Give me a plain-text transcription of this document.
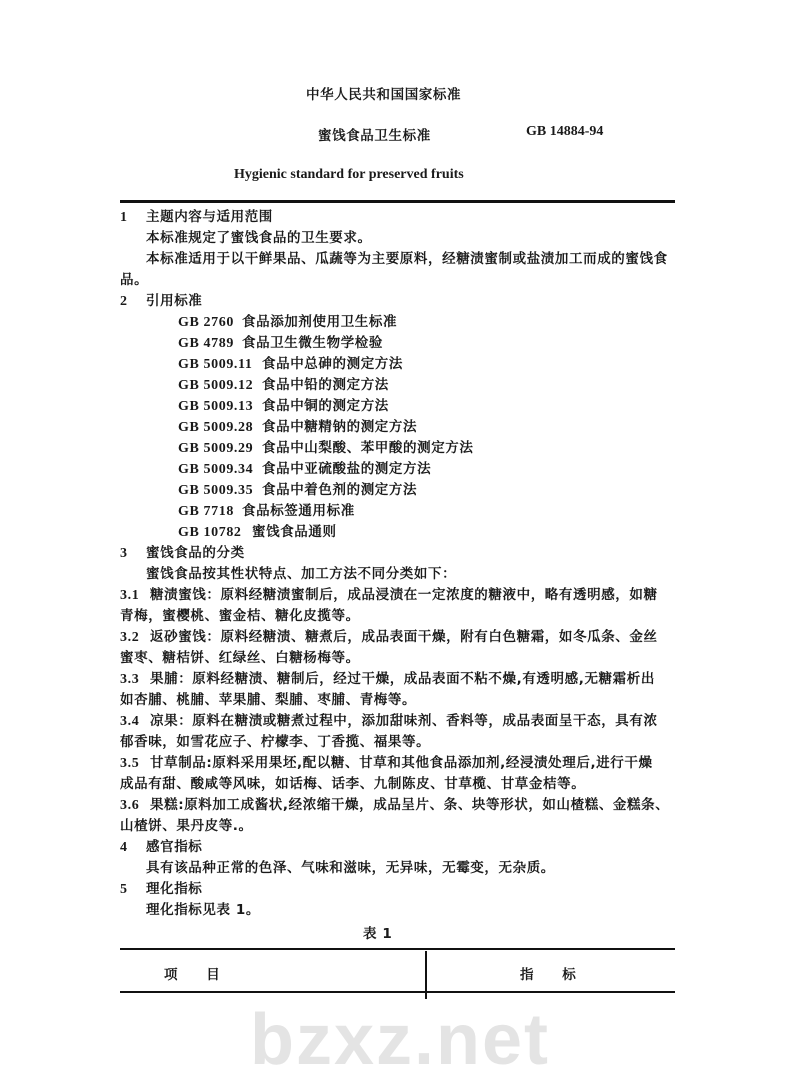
中华人民共和国国家标准
蜜饯食品卫生标准	GB 14884-94
Hygienic standard for preserved fruits
1 主题内容与适用范围
本标准规定了蜜饯食品的卫生要求。
本标准适用于以干鲜果品、瓜蔬等为主要原料，经糖渍蜜制或盐渍加工而成的蜜饯食
品。
2 引用标准
GB 2760 食品添加剂使用卫生标准
GB 4789 食品卫生微生物学检验
GB 5009.11 食品中总砷的测定方法
GB 5009.12 食品中铅的测定方法
GB 5009.13 食品中铜的测定方法
GB 5009.28 食品中糖精钠的测定方法
GB 5009.29 食品中山梨酸、苯甲酸的测定方法
GB 5009.34 食品中亚硫酸盐的测定方法
GB 5009.35 食品中着色剂的测定方法
GB 7718 食品标签通用标准
GB 10782 蜜饯食品通则
3 蜜饯食品的分类
蜜饯食品按其性状特点、加工方法不同分类如下：
3.1 糖渍蜜饯：原料经糖渍蜜制后，成品浸渍在一定浓度的糖液中，略有透明感，如糖
青梅，蜜樱桃、蜜金桔、糖化皮揽等。
3.2 返砂蜜饯：原料经糖渍、糖煮后，成品表面干燥，附有白色糖霜，如冬瓜条、金丝
蜜枣、糖桔饼、红绿丝、白糖杨梅等。
3.3 果脯：原料经糖渍、糖制后，经过干燥，成品表面不粘不燥,有透明感,无糖霜析出
如杏脯、桃脯、苹果脯、梨脯、枣脯、青梅等。
3.4 凉果：原料在糖渍或糖煮过程中，添加甜味剂、香料等，成品表面呈干态，具有浓
郁香味，如雪花应子、柠檬李、丁香揽、福果等。
3.5 甘草制品:原料采用果坯,配以糖、甘草和其他食品添加剂,经浸渍处理后,进行干燥
成品有甜、酸咸等风味，如话梅、话李、九制陈皮、甘草榄、甘草金桔等。
3.6 果糕:原料加工成酱状,经浓缩干燥，成品呈片、条、块等形状，如山楂糕、金糕条、
山楂饼、果丹皮等.。
4 感官指标
具有该品种正常的色泽、气味和滋味，无异味，无霉变，无杂质。
5 理化指标
理化指标见表 1。
表 1
项　　目	指　　标
bzxz.net
